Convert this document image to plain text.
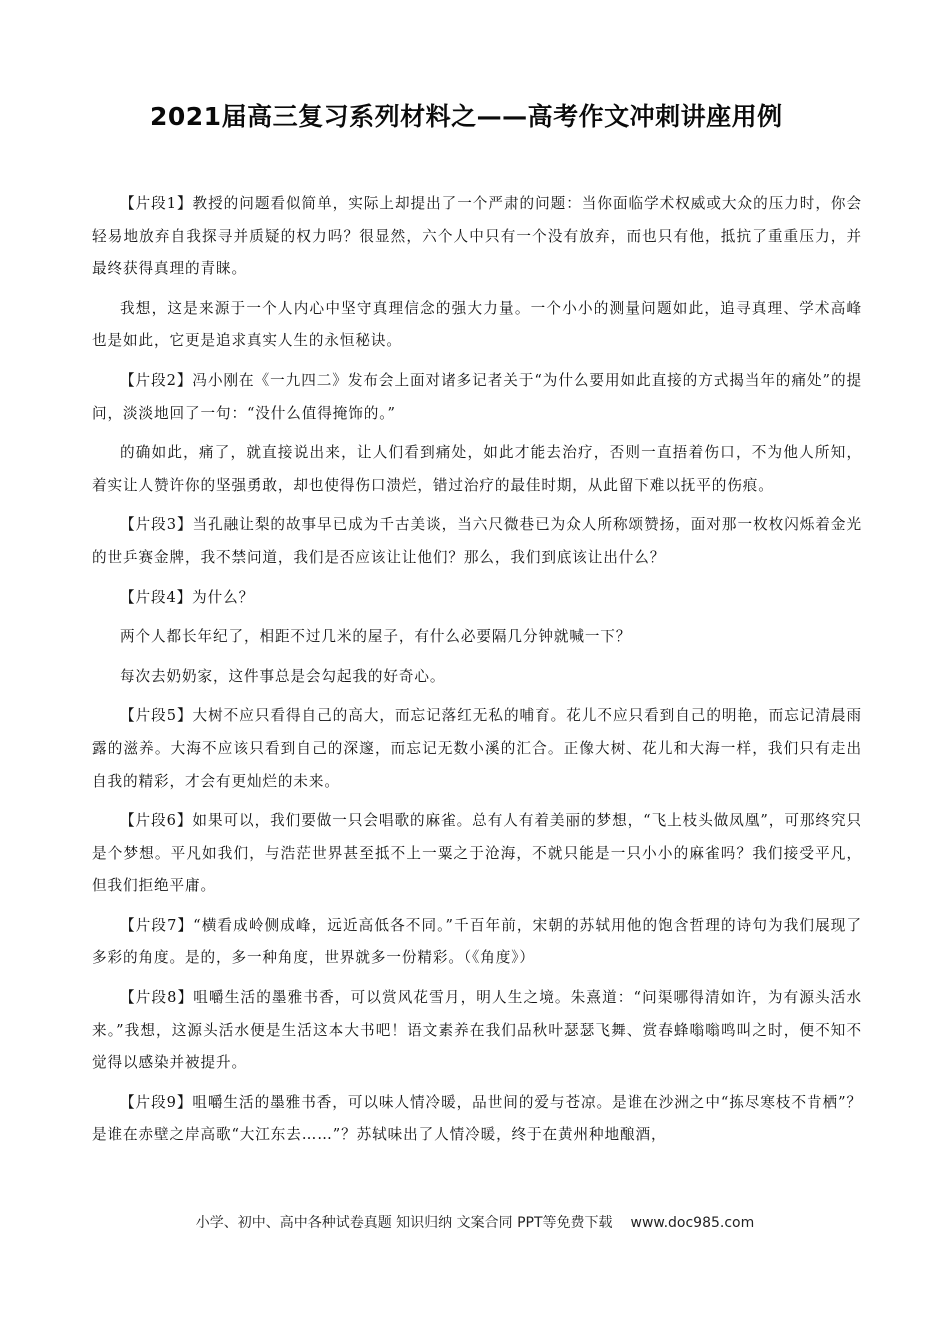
2021届高三复习系列材料之——高考作文冲刺讲座用例

【片段1】教授的问题看似简单，实际上却提出了一个严肃的问题：当你面临学术权威或大众的压力时，你会轻易地放弃自我探寻并质疑的权力吗？很显然，六个人中只有一个没有放弃，而也只有他，抵抗了重重压力，并最终获得真理的青睐。

我想，这是来源于一个人内心中坚守真理信念的强大力量。一个小小的测量问题如此，追寻真理、学术高峰也是如此，它更是追求真实人生的永恒秘诀。

【片段2】冯小刚在《一九四二》发布会上面对诸多记者关于“为什么要用如此直接的方式揭当年的痛处”的提问，淡淡地回了一句：“没什么值得掩饰的。”

的确如此，痛了，就直接说出来，让人们看到痛处，如此才能去治疗，否则一直捂着伤口，不为他人所知，着实让人赞许你的坚强勇敢，却也使得伤口溃烂，错过治疗的最佳时期，从此留下难以抚平的伤痕。

【片段3】当孔融让梨的故事早已成为千古美谈，当六尺微巷已为众人所称颂赞扬，面对那一枚枚闪烁着金光的世乒赛金牌，我不禁问道，我们是否应该让让他们？那么，我们到底该让出什么？

【片段4】为什么？

两个人都长年纪了，相距不过几米的屋子，有什么必要隔几分钟就喊一下？

每次去奶奶家，这件事总是会勾起我的好奇心。

【片段5】大树不应只看得自己的高大，而忘记落红无私的哺育。花儿不应只看到自己的明艳，而忘记清晨雨露的滋养。大海不应该只看到自己的深邃，而忘记无数小溪的汇合。正像大树、花儿和大海一样，我们只有走出自我的精彩，才会有更灿烂的未来。

【片段6】如果可以，我们要做一只会唱歌的麻雀。总有人有着美丽的梦想，“飞上枝头做凤凰”，可那终究只是个梦想。平凡如我们，与浩茫世界甚至抵不上一粟之于沧海，不就只能是一只小小的麻雀吗？我们接受平凡，但我们拒绝平庸。

【片段7】“横看成岭侧成峰，远近高低各不同。”千百年前，宋朝的苏轼用他的饱含哲理的诗句为我们展现了多彩的角度。是的，多一种角度，世界就多一份精彩。（《角度》）

【片段8】咀嚼生活的墨雅书香，可以赏风花雪月，明人生之境。朱熹道：“问渠哪得清如许，为有源头活水来。”我想，这源头活水便是生活这本大书吧！语文素养在我们品秋叶瑟瑟飞舞、赏春蜂嗡嗡鸣叫之时，便不知不觉得以感染并被提升。

【片段9】咀嚼生活的墨雅书香，可以味人情冷暖，品世间的爱与苍凉。是谁在沙洲之中“拣尽寒枝不肯栖”？是谁在赤壁之岸高歌“大江东去……”？苏轼味出了人情冷暖，终于在黄州种地酿酒，

小学、初中、高中各种试卷真题 知识归纳 文案合同 PPT等免费下载 www.doc985.com
